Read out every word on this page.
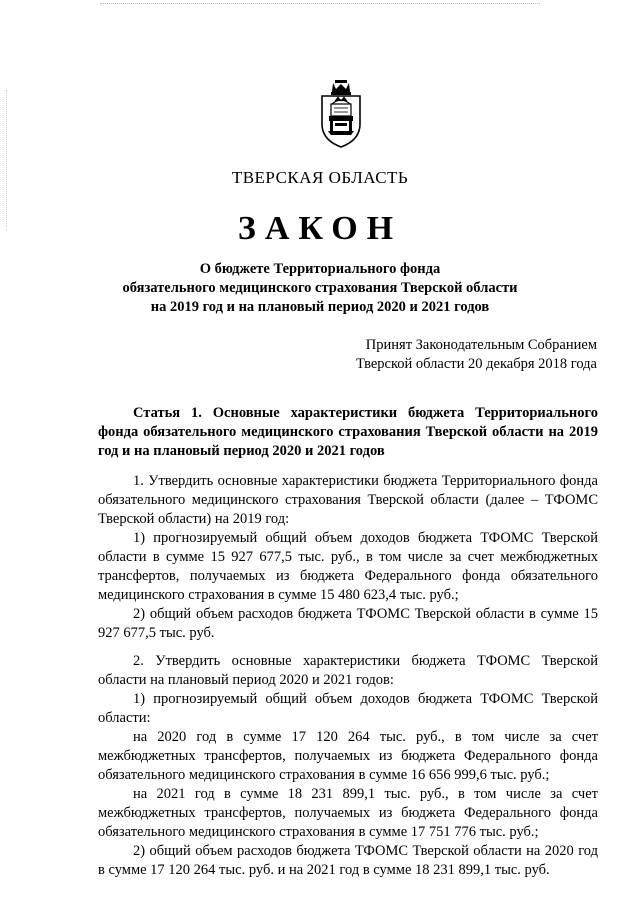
ТВЕРСКАЯ ОБЛАСТЬ
ЗАКОН
О бюджете Территориального фонда
обязательного медицинского страхования Тверской области
на 2019 год и на плановый период 2020 и 2021 годов
Принят Законодательным Собранием
Тверской области 20 декабря 2018 года
Статья 1. Основные характеристики бюджета Территориального фонда обязательного медицинского страхования Тверской области на 2019 год и на плановый период 2020 и 2021 годов

1. Утвердить основные характеристики бюджета Территориального фонда обязательного медицинского страхования Тверской области (далее – ТФОМС Тверской области) на 2019 год:

1) прогнозируемый общий объем доходов бюджета ТФОМС Тверской области в сумме 15 927 677,5 тыс. руб., в том числе за счет межбюджетных трансфертов, получаемых из бюджета Федерального фонда обязательного медицинского страхования в сумме 15 480 623,4 тыс. руб.;

2) общий объем расходов бюджета ТФОМС Тверской области в сумме 15 927 677,5 тыс. руб.

2. Утвердить основные характеристики бюджета ТФОМС Тверской области на плановый период 2020 и 2021 годов:

1) прогнозируемый общий объем доходов бюджета ТФОМС Тверской области:

на 2020 год в сумме 17 120 264 тыс. руб., в том числе за счет межбюджетных трансфертов, получаемых из бюджета Федерального фонда обязательного медицинского страхования в сумме 16 656 999,6 тыс. руб.;

на 2021 год в сумме 18 231 899,1 тыс. руб., в том числе за счет межбюджетных трансфертов, получаемых из бюджета Федерального фонда обязательного медицинского страхования в сумме 17 751 776 тыс. руб.;

2) общий объем расходов бюджета ТФОМС Тверской области на 2020 год в сумме 17 120 264 тыс. руб. и на 2021 год в сумме 18 231 899,1 тыс. руб.
